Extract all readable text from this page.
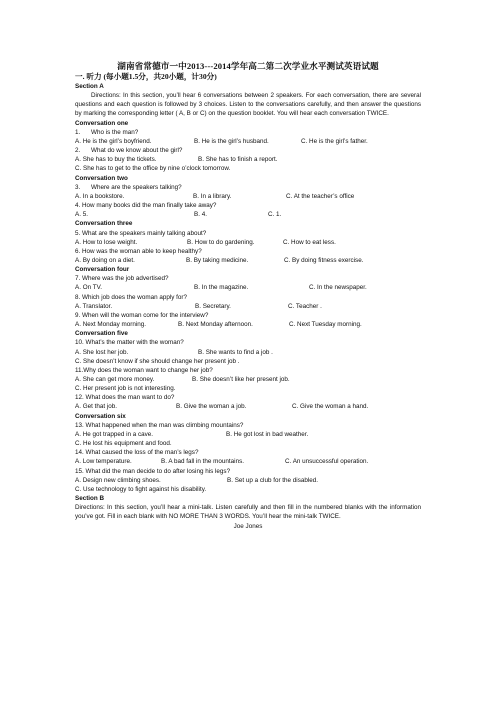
湖南省常德市一中2013---2014学年高二第二次学业水平测试英语试题

一. 听力 (每小题1.5分，共20小题，计30分)

Section A

Directions: In this section, you’ll hear 6 conversations between 2 speakers. For each conversation, there are several questions and each question is followed by 3 choices. Listen to the conversations carefully, and then answer the questions by marking the corresponding letter ( A, B or C) on the question booklet. You will hear each conversation TWICE.

Conversation one

1.	Who is the man?

A. He is the girl’s boyfriend.	B. He is the girl’s husband.	C. He is the girl’s father.

2.	What do we know about the girl?

A. She has to buy the tickets.	B. She has to finish a report.

C. She has to get to the office by nine o’clock tomorrow.

Conversation two

3.	Where are the speakers talking?

A. In a bookstore.	B. In a library.	C. At the teacher’s office

4. How many books did the man finally take away?

A. 5.	B. 4.	C. 1.

Conversation three

5. What are the speakers mainly talking about?

A. How to lose weight.	B. How to do gardening.	C. How to eat less.

6. How was the woman able to keep healthy?

A. By doing on a diet.	B. By taking medicine.	C. By doing fitness exercise.

Conversation four

7. Where was the job advertised?

A. On TV.	B. In the magazine.	C. In the newspaper.

8. Which job does the woman apply for?

A. Translator.	B. Secretary.	C. Teacher .

9. When will the woman come for the interview?

A. Next Monday morning.	B. Next Monday afternoon.	C. Next Tuesday morning.

Conversation five

10. What’s the matter with the woman?

A. She lost her job.	B. She wants to find a job .

C. She doesn’t know if she should change her present job .

11.Why does the woman want to change her job?

A. She can get more money.	B. She doesn’t like her present job.

C. Her present job is not interesting.

12. What does the man want to do?

A. Get that job.	B. Give the woman a job.	C. Give the woman a hand.

Conversation six

13. What happened when the man was climbing mountains?

A. He got trapped in a cave.	B. He got lost in bad weather.

C. He lost his equipment and food.

14. What caused the loss of the man’s legs?

A. Low temperature.	B. A bad fall in the mountains.	C. An unsuccessful operation.

15. What did the man decide to do after losing his legs?

A. Design new climbing shoes.	B. Set up a club for the disabled.

C. Use technology to fight against his disability.

Section B

Directions: In this section, you’ll hear a mini-talk. Listen carefully and then fill in the numbered blanks with the information you’ve got. Fill in each blank with NO MORE THAN 3 WORDS. You’ll hear the mini-talk TWICE.

Joe Jones
